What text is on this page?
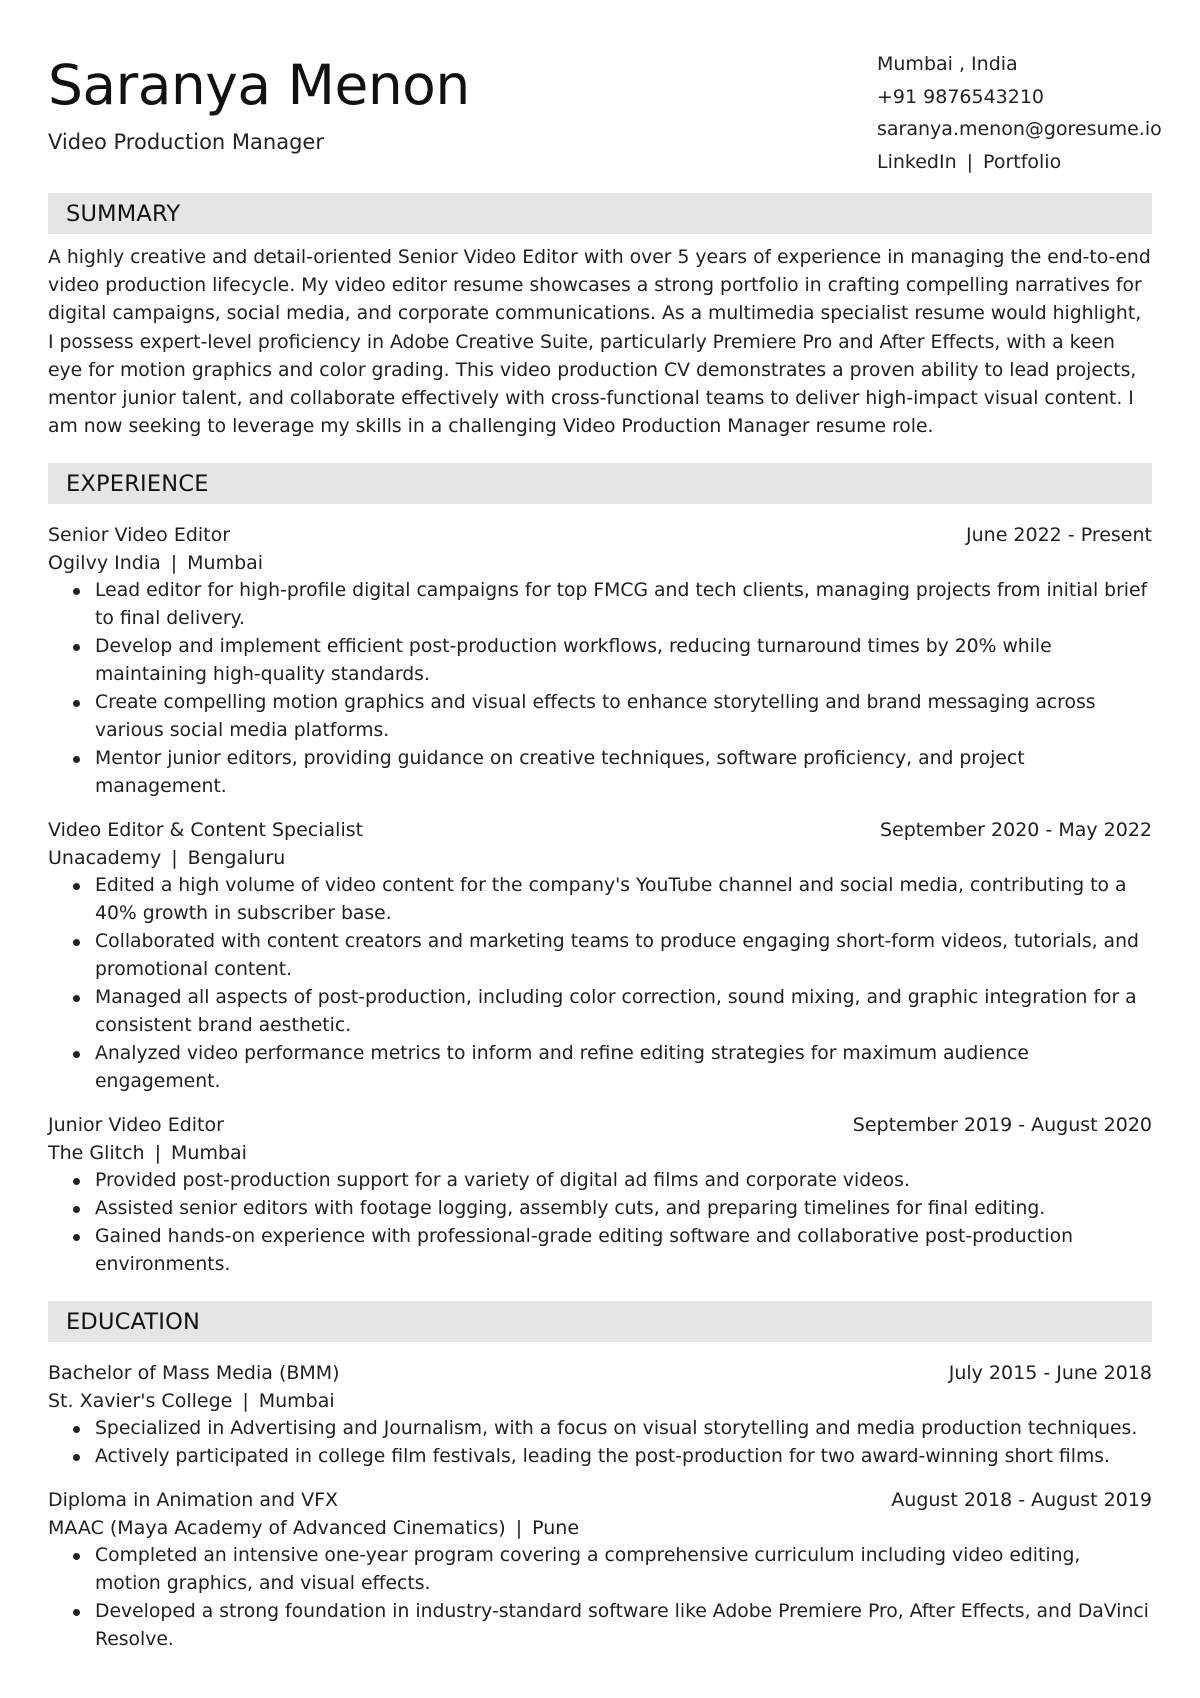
Saranya Menon
Video Production Manager
Mumbai , India
+91 9876543210
saranya.menon@goresume.io
LinkedIn | Portfolio
SUMMARY

A highly creative and detail-oriented Senior Video Editor with over 5 years of experience in managing the end-to-end video production lifecycle. My video editor resume showcases a strong portfolio in crafting compelling narratives for digital campaigns, social media, and corporate communications. As a multimedia specialist resume would highlight, I possess expert-level proficiency in Adobe Creative Suite, particularly Premiere Pro and After Effects, with a keen eye for motion graphics and color grading. This video production CV demonstrates a proven ability to lead projects, mentor junior talent, and collaborate effectively with cross-functional teams to deliver high-impact visual content. I am now seeking to leverage my skills in a challenging Video Production Manager resume role.

EXPERIENCE
Senior Video Editor	June 2022 - Present
Ogilvy India | Mumbai
Lead editor for high-profile digital campaigns for top FMCG and tech clients, managing projects from initial brief to final delivery.
Develop and implement efficient post-production workflows, reducing turnaround times by 20% while maintaining high-quality standards.
Create compelling motion graphics and visual effects to enhance storytelling and brand messaging across various social media platforms.
Mentor junior editors, providing guidance on creative techniques, software proficiency, and project management.
Video Editor & Content Specialist	September 2020 - May 2022
Unacademy | Bengaluru
Edited a high volume of video content for the company's YouTube channel and social media, contributing to a 40% growth in subscriber base.
Collaborated with content creators and marketing teams to produce engaging short-form videos, tutorials, and promotional content.
Managed all aspects of post-production, including color correction, sound mixing, and graphic integration for a consistent brand aesthetic.
Analyzed video performance metrics to inform and refine editing strategies for maximum audience engagement.
Junior Video Editor	September 2019 - August 2020
The Glitch | Mumbai
Provided post-production support for a variety of digital ad films and corporate videos.
Assisted senior editors with footage logging, assembly cuts, and preparing timelines for final editing.
Gained hands-on experience with professional-grade editing software and collaborative post-production environments.
EDUCATION
Bachelor of Mass Media (BMM)	July 2015 - June 2018
St. Xavier's College | Mumbai
Specialized in Advertising and Journalism, with a focus on visual storytelling and media production techniques.
Actively participated in college film festivals, leading the post-production for two award-winning short films.
Diploma in Animation and VFX	August 2018 - August 2019
MAAC (Maya Academy of Advanced Cinematics) | Pune
Completed an intensive one-year program covering a comprehensive curriculum including video editing, motion graphics, and visual effects.
Developed a strong foundation in industry-standard software like Adobe Premiere Pro, After Effects, and DaVinci Resolve.
